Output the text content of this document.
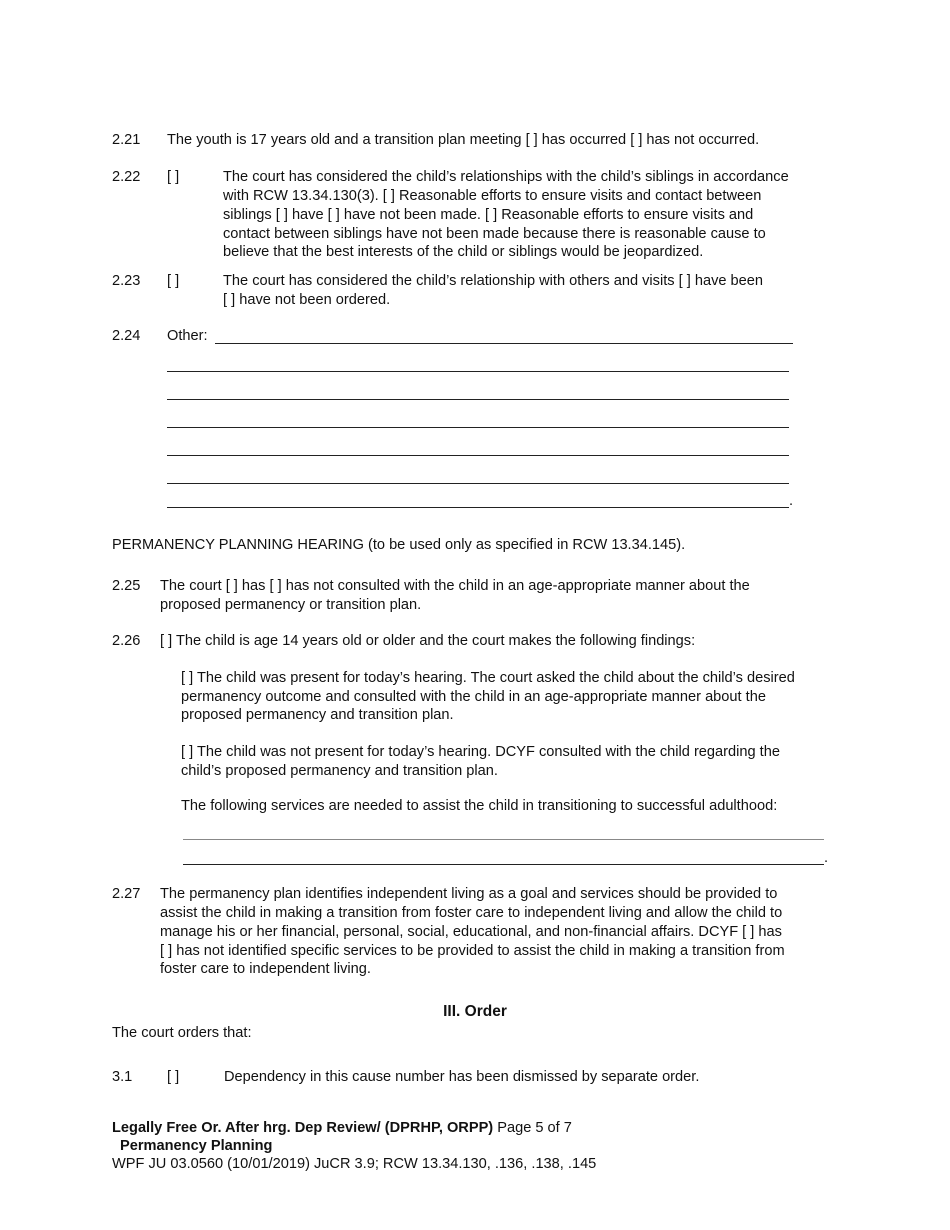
2.21 The youth is 17 years old and a transition plan meeting [ ] has occurred [ ] has not occurred.
2.22 [ ]	The court has considered the child’s relationships with the child’s siblings in accordance
with RCW 13.34.130(3). [ ] Reasonable efforts to ensure visits and contact between
siblings [ ] have [ ] have not been made. [ ] Reasonable efforts to ensure visits and
contact between siblings have not been made because there is reasonable cause to
believe that the best interests of the child or siblings would be jeopardized.
2.23 [ ]	The court has considered the child’s relationship with others and visits [ ] have been
[ ] have not been ordered.
2.24 Other:
.
PERMANENCY PLANNING HEARING (to be used only as specified in RCW 13.34.145).
2.25 The court [ ] has [ ] has not consulted with the child in an age-appropriate manner about the
proposed permanency or transition plan.
2.26 [ ] The child is age 14 years old or older and the court makes the following findings:
[ ] The child was present for today’s hearing. The court asked the child about the child’s desired
permanency outcome and consulted with the child in an age-appropriate manner about the
proposed permanency and transition plan.
[ ] The child was not present for today’s hearing. DCYF consulted with the child regarding the
child’s proposed permanency and transition plan.
The following services are needed to assist the child in transitioning to successful adulthood:
.
2.27 The permanency plan identifies independent living as a goal and services should be provided to
assist the child in making a transition from foster care to independent living and allow the child to
manage his or her financial, personal, social, educational, and non-financial affairs. DCYF [ ] has
[ ] has not identified specific services to be provided to assist the child in making a transition from
foster care to independent living.
III. Order
The court orders that:
3.1 [ ]	Dependency in this cause number has been dismissed by separate order.
Legally Free Or. After hrg. Dep Review/ (DPRHP, ORPP) Page 5 of 7
Permanency Planning
WPF JU 03.0560 (10/01/2019) JuCR 3.9; RCW 13.34.130, .136, .138, .145
